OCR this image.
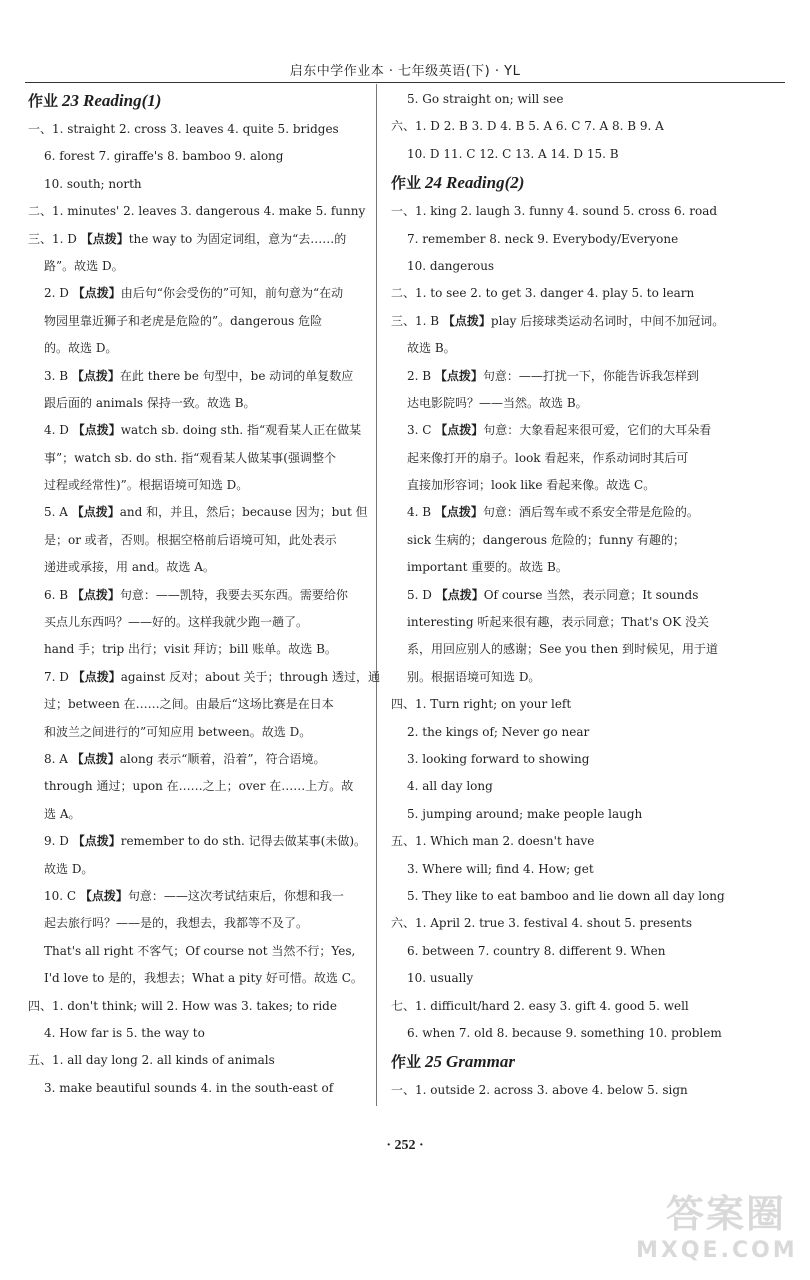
启东中学作业本 · 七年级英语(下) · YL
作业 23 Reading(1)
一、1. straight 2. cross 3. leaves 4. quite 5. bridges
6. forest 7. giraffe's 8. bamboo 9. along
10. south; north
二、1. minutes' 2. leaves 3. dangerous 4. make 5. funny
三、1. D 【点拨】the way to 为固定词组，意为“去……的
路”。故选 D。
2. D 【点拨】由后句“你会受伤的”可知，前句意为“在动
物园里靠近狮子和老虎是危险的”。dangerous 危险
的。故选 D。
3. B 【点拨】在此 there be 句型中，be 动词的单复数应
跟后面的 animals 保持一致。故选 B。
4. D 【点拨】watch sb. doing sth. 指“观看某人正在做某
事”；watch sb. do sth. 指“观看某人做某事(强调整个
过程或经常性)”。根据语境可知选 D。
5. A 【点拨】and 和，并且，然后；because 因为；but 但
是；or 或者，否则。根据空格前后语境可知，此处表示
递进或承接，用 and。故选 A。
6. B 【点拨】句意：——凯特，我要去买东西。需要给你
买点儿东西吗？——好的。这样我就少跑一趟了。
hand 手；trip 出行；visit 拜访；bill 账单。故选 B。
7. D 【点拨】against 反对；about 关于；through 透过，通
过；between 在……之间。由最后“这场比赛是在日本
和波兰之间进行的”可知应用 between。故选 D。
8. A 【点拨】along 表示“顺着，沿着”，符合语境。
through 通过；upon 在……之上；over 在……上方。故
选 A。
9. D 【点拨】remember to do sth. 记得去做某事(未做)。
故选 D。
10. C 【点拨】句意：——这次考试结束后，你想和我一
起去旅行吗？——是的，我想去，我都等不及了。
That's all right 不客气；Of course not 当然不行；Yes,
I'd love to 是的，我想去；What a pity 好可惜。故选 C。
四、1. don't think; will 2. How was 3. takes; to ride
4. How far is 5. the way to
五、1. all day long 2. all kinds of animals
3. make beautiful sounds 4. in the south-east of
5. Go straight on; will see
六、1. D 2. B 3. D 4. B 5. A 6. C 7. A 8. B 9. A
10. D 11. C 12. C 13. A 14. D 15. B
作业 24 Reading(2)
一、1. king 2. laugh 3. funny 4. sound 5. cross 6. road
7. remember 8. neck 9. Everybody/Everyone
10. dangerous
二、1. to see 2. to get 3. danger 4. play 5. to learn
三、1. B 【点拨】play 后接球类运动名词时，中间不加冠词。
故选 B。
2. B 【点拨】句意：——打扰一下，你能告诉我怎样到
达电影院吗？——当然。故选 B。
3. C 【点拨】句意：大象看起来很可爱，它们的大耳朵看
起来像打开的扇子。look 看起来，作系动词时其后可
直接加形容词；look like 看起来像。故选 C。
4. B 【点拨】句意：酒后驾车或不系安全带是危险的。
sick 生病的；dangerous 危险的；funny 有趣的；
important 重要的。故选 B。
5. D 【点拨】Of course 当然，表示同意；It sounds
interesting 听起来很有趣，表示同意；That's OK 没关
系，用回应别人的感谢；See you then 到时候见，用于道
别。根据语境可知选 D。
四、1. Turn right; on your left
2. the kings of; Never go near
3. looking forward to showing
4. all day long
5. jumping around; make people laugh
五、1. Which man 2. doesn't have
3. Where will; find 4. How; get
5. They like to eat bamboo and lie down all day long
六、1. April 2. true 3. festival 4. shout 5. presents
6. between 7. country 8. different 9. When
10. usually
七、1. difficult/hard 2. easy 3. gift 4. good 5. well
6. when 7. old 8. because 9. something 10. problem
作业 25 Grammar
一、1. outside 2. across 3. above 4. below 5. sign
· 252 ·
答案圈
MXQE.COM
